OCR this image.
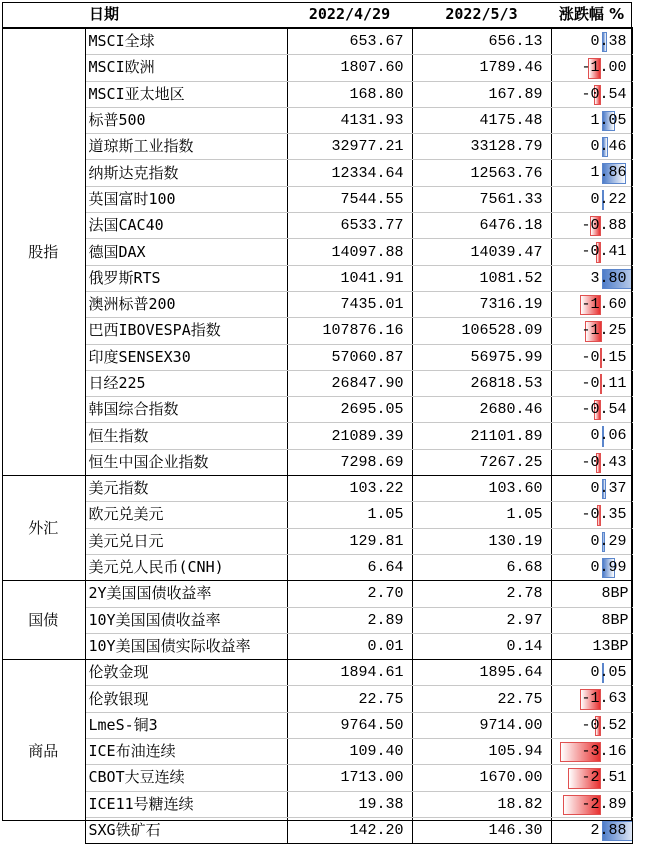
	日期	2022/4/29	2022/5/3	涨跌幅 %
股指	MSCI全球	653.67	656.13	0.38

	MSCI欧洲	1807.60	1789.46	-1.00

	MSCI亚太地区	168.80	167.89	-0.54

	标普500	4131.93	4175.48	1.05

	道琼斯工业指数	32977.21	33128.79	0.46

	纳斯达克指数	12334.64	12563.76	1.86

	英国富时100	7544.55	7561.33	0.22

	法国CAC40	6533.77	6476.18	-0.88

	德国DAX	14097.88	14039.47	-0.41

	俄罗斯RTS	1041.91	1081.52	3.80

	澳洲标普200	7435.01	7316.19	-1.60

	巴西IBOVESPA指数	107876.16	106528.09	-1.25

	印度SENSEX30	57060.87	56975.99	-0.15

	日经225	26847.90	26818.53	-0.11

	韩国综合指数	2695.05	2680.46	-0.54

	恒生指数	21089.39	21101.89	0.06

	恒生中国企业指数	7298.69	7267.25	-0.43

外汇	美元指数	103.22	103.60	0.37

	欧元兑美元	1.05	1.05	-0.35

	美元兑日元	129.81	130.19	0.29

	美元兑人民币(CNH)	6.64	6.68	0.99

国债	2Y美国国债收益率	2.70	2.78	8BP

	10Y美国国债收益率	2.89	2.97	8BP

	10Y美国国债实际收益率	0.01	0.14	13BP

商品	伦敦金现	1894.61	1895.64	0.05

	伦敦银现	22.75	22.75	-1.63

	LmeS-铜3	9764.50	9714.00	-0.52

	ICE布油连续	109.40	105.94	-3.16

	CBOT大豆连续	1713.00	1670.00	-2.51

	ICE11号糖连续	19.38	18.82	-2.89

	SXG铁矿石	142.20	146.30	2.88
